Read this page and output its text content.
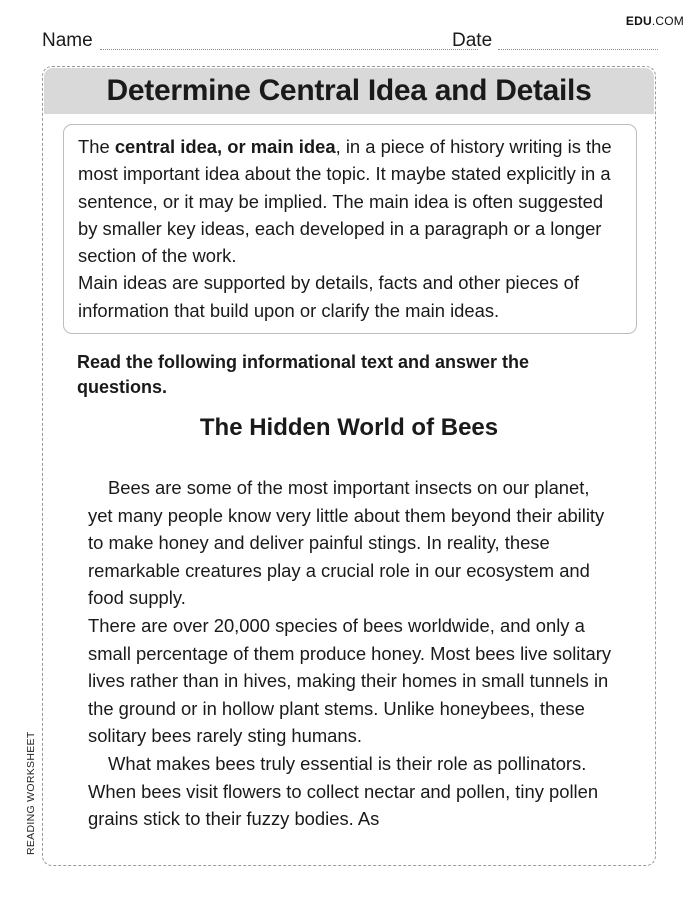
EDU.COM
Name	Date
Determine Central Idea and Details

The central idea, or main idea, in a piece of history writing is the most important idea about the topic. It maybe stated explicitly in a sentence, or it may be implied. The main idea is often suggested by smaller key ideas, each developed in a paragraph or a longer section of the work.

Main ideas are supported by details, facts and other pieces of information that build upon or clarify the main ideas.

Read the following informational text and answer the questions.
The Hidden World of Bees

Bees are some of the most important insects on our planet, yet many people know very little about them beyond their ability to make honey and deliver painful stings. In reality, these remarkable creatures play a crucial role in our ecosystem and food supply.

There are over 20,000 species of bees worldwide, and only a small percentage of them produce honey. Most bees live solitary lives rather than in hives, making their homes in small tunnels in the ground or in hollow plant stems. Unlike honeybees, these solitary bees rarely sting humans.

What makes bees truly essential is their role as pollinators. When bees visit flowers to collect nectar and pollen, tiny pollen grains stick to their fuzzy bodies. As

READING WORKSHEET
